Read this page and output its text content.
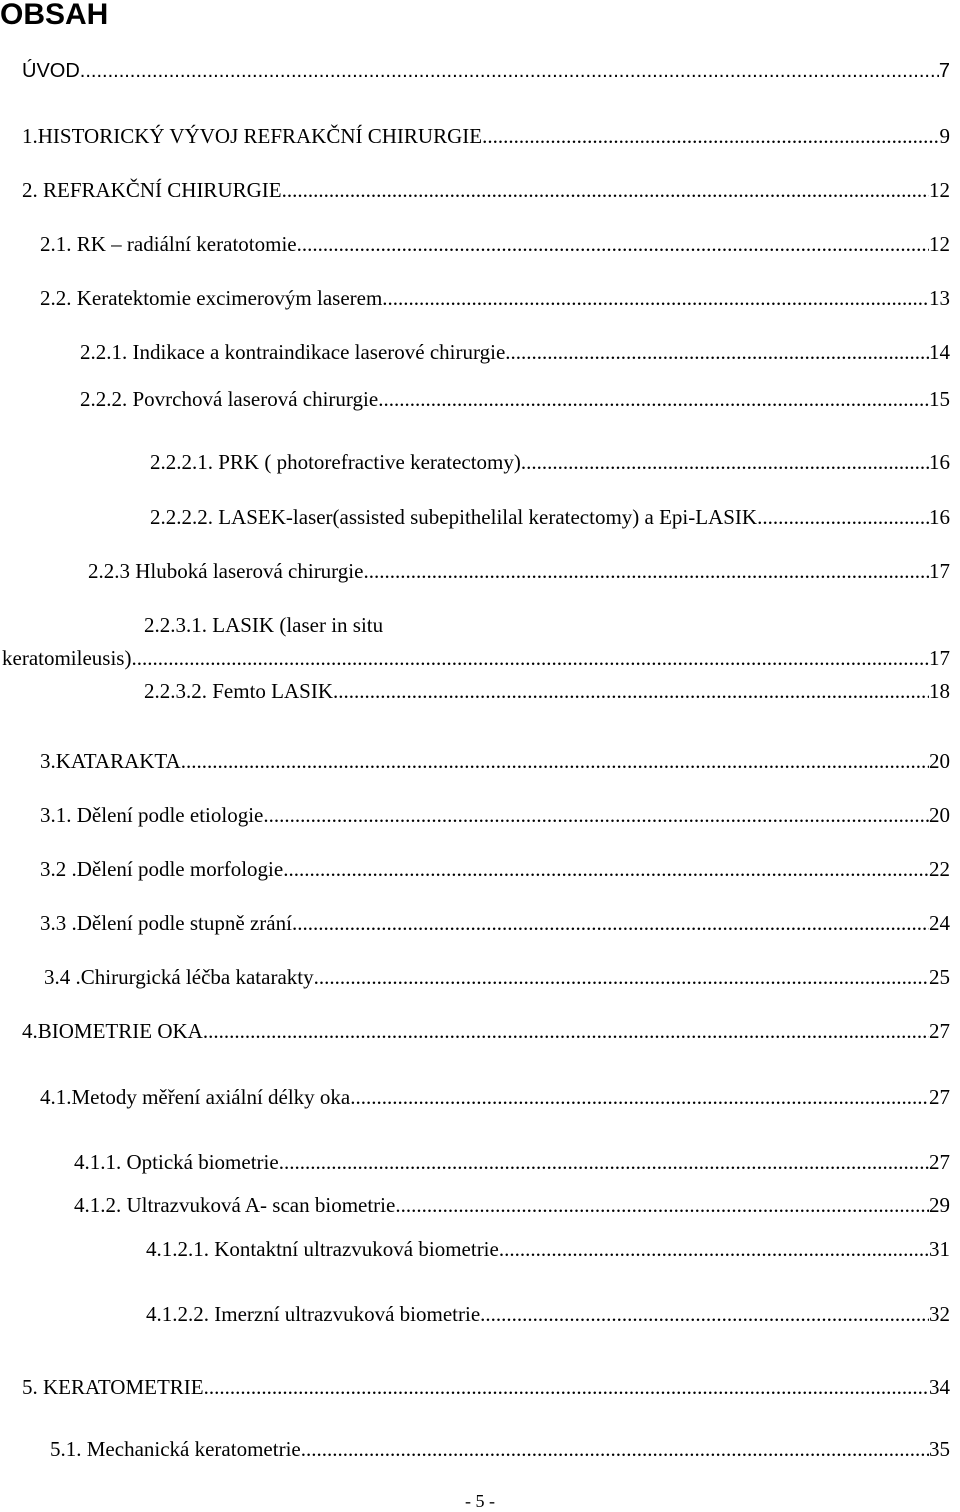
OBSAH
ÚVOD .....	7
1.HISTORICKÝ VÝVOJ REFRAKČNÍ CHIRURGIE .....	9
2. REFRAKČNÍ CHIRURGIE .....	12
2.1. RK – radiální keratotomie .....	12
2.2. Keratektomie excimerovým laserem .....	13
2.2.1. Indikace a kontraindikace laserové chirurgie .....	14
2.2.2. Povrchová laserová chirurgie .....	15
2.2.2.1. PRK ( photorefractive keratectomy) .....	16
2.2.2.2. LASEK-laser(assisted subepithelilal keratectomy) a Epi-LASIK .....	16
2.2.3 Hluboká laserová chirurgie .....	17
2.2.3.1. LASIK (laser in situ
keratomileusis) .....	17
2.2.3.2. Femto LASIK .....	18
3.KATARAKTA .....	20
3.1. Dělení podle etiologie .....	20
3.2 .Dělení podle morfologie .....	22
3.3 .Dělení podle stupně zrání .....	24
3.4 .Chirurgická léčba katarakty .....	25
4.BIOMETRIE OKA .....	27
4.1.Metody měření axiální délky oka .....	27
4.1.1. Optická biometrie .....	27
4.1.2. Ultrazvuková A- scan biometrie .....	29
4.1.2.1. Kontaktní ultrazvuková biometrie .....	31
4.1.2.2. Imerzní ultrazvuková biometrie .....	32
5. KERATOMETRIE .....	34
5.1. Mechanická keratometrie .....	35
- 5 -
